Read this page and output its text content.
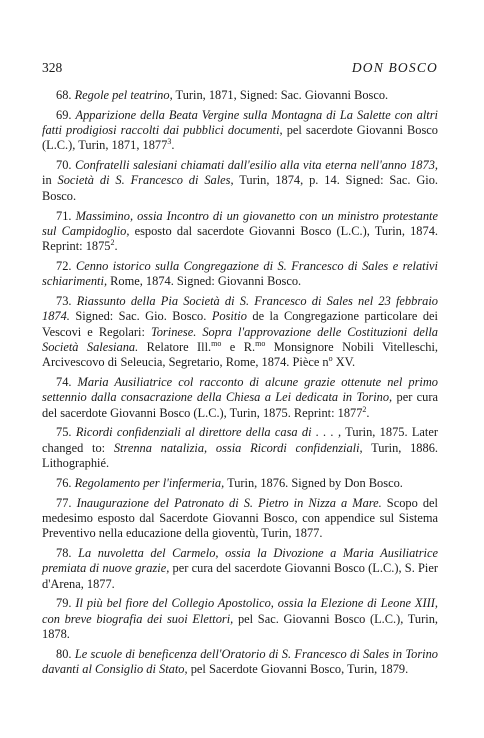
328	DON BOSCO

68. Regole pel teatrino, Turin, 1871, Signed: Sac. Giovanni Bosco.

69. Apparizione della Beata Vergine sulla Montagna di La Salette con altri fatti prodigiosi raccolti dai pubblici documenti, pel sacerdote Giovanni Bosco (L.C.), Turin, 1871, 1877$^3$.

70. Confratelli salesiani chiamati dall'esilio alla vita eterna nell'anno 1873, in Società di S. Francesco di Sales, Turin, 1874, p. 14. Signed: Sac. Gio. Bosco.

71. Massimino, ossia Incontro di un giovanetto con un ministro protestante sul Campidoglio, esposto dal sacerdote Giovanni Bosco (L.C.), Turin, 1874. Reprint: 1875$^2$.

72. Cenno istorico sulla Congregazione di S. Francesco di Sales e relativi schiarimenti, Rome, 1874. Signed: Giovanni Bosco.

73. Riassunto della Pia Società di S. Francesco di Sales nel 23 febbraio 1874. Signed: Sac. Gio. Bosco. Positio de la Congregazione particolare dei Vescovi e Regolari: Torinese. Sopra l'approvazione delle Costituzioni della Società Salesiana. Relatore Ill.$^{mo}$ e R.$^{mo}$ Monsignore Nobili Vitelleschi, Arcivescovo di Seleucia, Segretario, Rome, 1874. Pièce $n^o$ XV.

74. Maria Ausiliatrice col racconto di alcune grazie ottenute nel primo settennio dalla consacrazione della Chiesa a Lei dedicata in Torino, per cura del sacerdote Giovanni Bosco (L.C.), Turin, 1875. Reprint: 1877$^2$.

75. Ricordi confidenziali al direttore della casa di . . . , Turin, 1875. Later changed to: Strenna natalizia, ossia Ricordi confidenziali, Turin, 1886. Lithographié.

76. Regolamento per l'infermeria, Turin, 1876. Signed by Don Bosco.

77. Inaugurazione del Patronato di S. Pietro in Nizza a Mare. Scopo del medesimo esposto dal Sacerdote Giovanni Bosco, con appendice sul Sistema Preventivo nella educazione della gioventù, Turin, 1877.

78. La nuvoletta del Carmelo, ossia la Divozione a Maria Ausiliatrice premiata di nuove grazie, per cura del sacerdote Giovanni Bosco (L.C.), S. Pier d'Arena, 1877.

79. Il più bel fiore del Collegio Apostolico, ossia la Elezione di Leone XIII, con breve biografia dei suoi Elettori, pel Sac. Giovanni Bosco (L.C.), Turin, 1878.

80. Le scuole di beneficenza dell'Oratorio di S. Francesco di Sales in Torino davanti al Consiglio di Stato, pel Sacerdote Giovanni Bosco, Turin, 1879.
